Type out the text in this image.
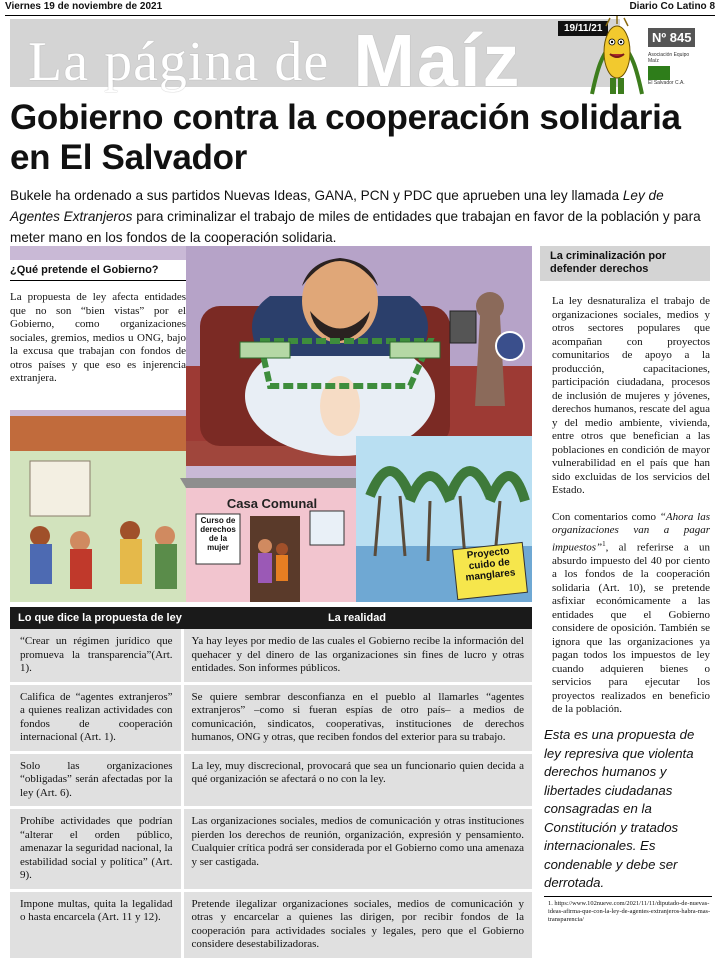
Viernes 19 de noviembre de 2021	Diario Co Latino 8
La página de Maíz	19/11/21
Nº 845
Asociación Equipo Maíz
El Salvador C.A.
Gobierno contra la cooperación solidaria en El Salvador

Bukele ha ordenado a sus partidos Nuevas Ideas, GANA, PCN y PDC que aprueben una ley llamada Ley de Agentes Extranjeros para criminalizar el trabajo de miles de entidades que trabajan en favor de la población y para meter mano en los fondos de la cooperación solidaria.

Casa Comunal
Curso de derechos de la mujer	Proyecto cuido de manglares
¿Qué pretende el Gobierno?

La propuesta de ley afecta entidades que no son “bien vistas” por el Gobierno, como organizaciones sociales, gremios, medios u ONG, bajo la excusa que trabajan con fondos de otros países y que eso es injerencia extranjera.

La criminalización por defender derechos

La ley desnaturaliza el trabajo de organizaciones sociales, medios y otros sectores populares que acompañan con proyectos comunitarios de apoyo a la producción, capacitaciones, participación ciudadana, procesos de inclusión de mujeres y jóvenes, derechos humanos, rescate del agua y del medio ambiente, vivienda, entre otros que benefician a las poblaciones en condición de mayor vulnerabilidad en el país que han sido excluidas de los servicios del Estado.

Con comentarios como “Ahora las organizaciones van a pagar impuestos”$^1$, al referirse a un absurdo impuesto del 40 por ciento a los fondos de la cooperación solidaria (Art. 10), se pretende asfixiar económicamente a las entidades que el Gobierno considere de oposición. También se ignora que las organizaciones ya pagan todos los impuestos de ley cuando adquieren bienes o servicios para ejecutar los proyectos realizados en beneficio de la población.

Esta es una propuesta de ley represiva que violenta derechos humanos y libertades ciudadanas consagradas en la Constitución y tratados internacionales. Es condenable y debe ser derrotada.

1. https://www.102nueve.com/2021/11/11/diputado-de-nuevas-ideas-afirma-que-con-la-ley-de-agentes-extranjeros-habra-mas-transparencia/

Lo que dice la propuesta de ley	La realidad
“Crear un régimen jurídico que promueva la transparencia”(Art. 1).	Ya hay leyes por medio de las cuales el Gobierno recibe la información del quehacer y del dinero de las organizaciones sin fines de lucro y otras entidades. Son informes públicos.
Califica de “agentes extranjeros” a quienes realizan actividades con fondos de cooperación internacional (Art. 1).	Se quiere sembrar desconfianza en el pueblo al llamarles “agentes extranjeros” –como si fueran espías de otro país– a medios de comunicación, sindicatos, cooperativas, instituciones de derechos humanos, ONG y otras, que reciben fondos del exterior para su trabajo.
Solo las organizaciones “obligadas” serán afectadas por la ley (Art. 6).	La ley, muy discrecional, provocará que sea un funcionario quien decida a qué organización se afectará o no con la ley.
Prohíbe actividades que podrían “alterar el orden público, amenazar la seguridad nacional, la estabilidad social y política” (Art. 9).	Las organizaciones sociales, medios de comunicación y otras instituciones pierden los derechos de reunión, organización, expresión y pensamiento. Cualquier crítica podrá ser considerada por el Gobierno como una amenaza y ser castigada.
Impone multas, quita la legalidad o hasta encarcela (Art. 11 y 12).	Pretende ilegalizar organizaciones sociales, medios de comunicación y otras y encarcelar a quienes las dirigen, por recibir fondos de la cooperación para actividades sociales y legales, pero que el Gobierno considere desestabilizadoras.
